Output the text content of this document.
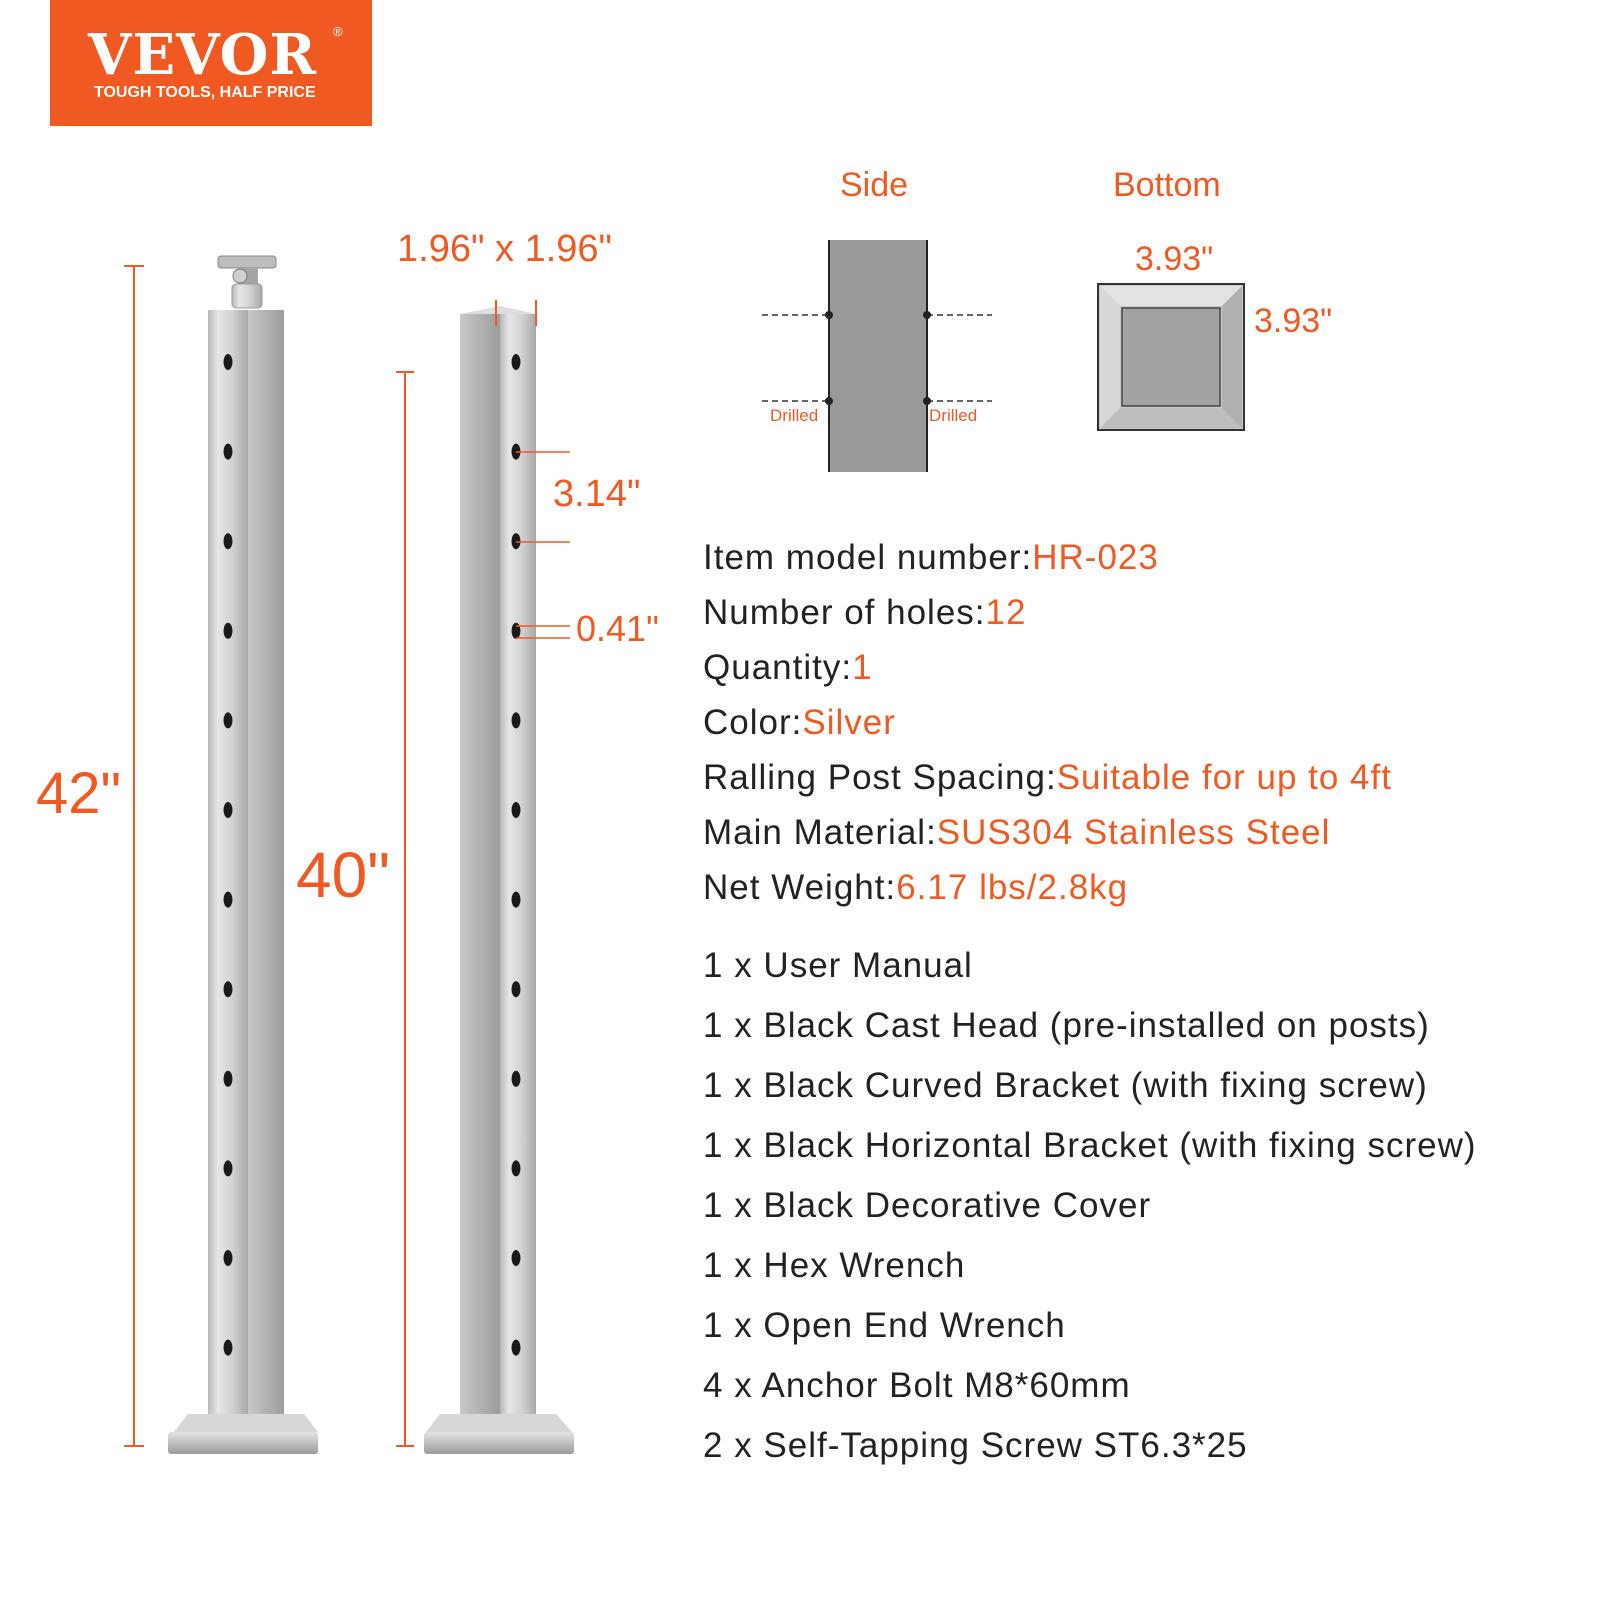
VEVOR ®
TOUGH TOOLS, HALF PRICE
42"
40"
1.96" x 1.96"
3.14"
0.41"
Side	Bottom
Drilled	Drilled
3.93"
3.93"
Item model number:HR-023
Number of holes:12
Quantity:1
Color:Silver
Ralling Post Spacing:Suitable for up to 4ft
Main Material:SUS304 Stainless Steel
Net Weight:6.17 lbs/2.8kg
1 x User Manual
1 x Black Cast Head (pre-installed on posts)
1 x Black Curved Bracket (with fixing screw)
1 x Black Horizontal Bracket (with fixing screw)
1 x Black Decorative Cover
1 x Hex Wrench
1 x Open End Wrench
4 x Anchor Bolt M8*60mm
2 x Self-Tapping Screw ST6.3*25
